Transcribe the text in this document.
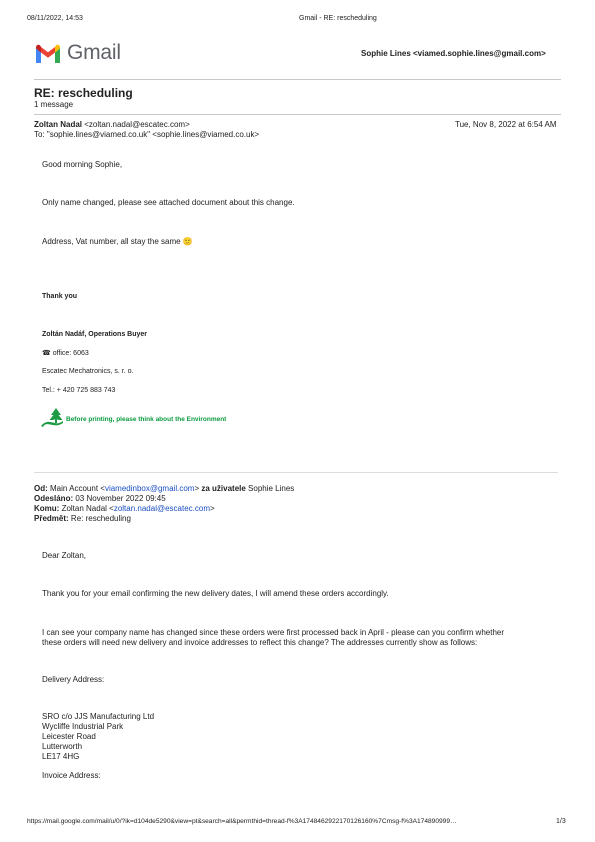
08/11/2022, 14:53	Gmail - RE: rescheduling
Gmail	Sophie Lines <viamed.sophie.lines@gmail.com>
RE: rescheduling
1 message
Zoltan Nadal <zoltan.nadal@escatec.com>	Tue, Nov 8, 2022 at 6:54 AM
To: "sophie.lines@viamed.co.uk" <sophie.lines@viamed.co.uk>
Good morning Sophie,
Only name changed, please see attached document about this change.
Address, Vat number, all stay the same 🙂
Thank you
Zoltán Nadáf, Operations Buyer
☎ office: 6063
Escatec Mechatronics, s. r. o.
Tel.: + 420 725 883 743
Before printing, please think about the Environment
Od: Main Account <viamedinbox@gmail.com> za uživatele Sophie Lines
Odesláno: 03 November 2022 09:45
Komu: Zoltan Nadal <zoltan.nadal@escatec.com>
Předmět: Re: rescheduling
Dear Zoltan,
Thank you for your email confirming the new delivery dates, I will amend these orders accordingly.
I can see your company name has changed since these orders were first processed back in April - please can you confirm whether
these orders will need new delivery and invoice addresses to reflect this change? The addresses currently show as follows:
Delivery Address:
SRO c/o JJS Manufacturing Ltd
Wycliffe Industrial Park
Leicester Road
Lutterworth
LE17 4HG
Invoice Address:
https://mail.google.com/mail/u/0/?ik=d104de5290&view=pt&search=all&permthid=thread-f%3A1748462922170126160%7Cmsg-f%3A174890999…	1/3
